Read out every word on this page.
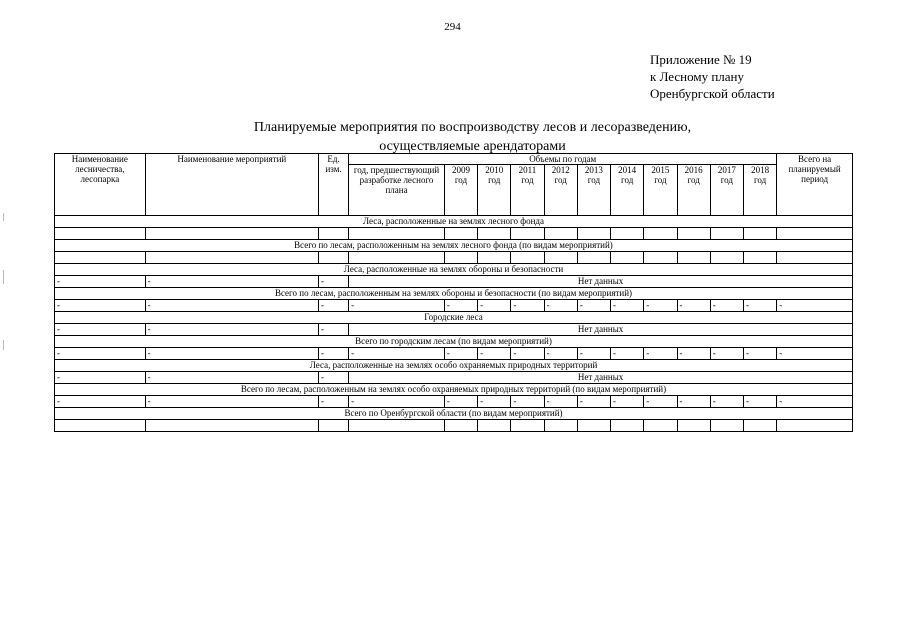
294
Приложение № 19
к Лесному плану
Оренбургской области
Планируемые мероприятия по воспроизводству лесов и лесоразведению,
осуществляемые арендаторами
Наименование лесничества, лесопарка	Наименование мероприятий	Ед. изм.	Объемы по годам											Всего на планируемый период
			год, предшествующий разработке лесного плана	2009 год	2010 год	2011 год	2012 год	2013 год	2014 год	2015 год	2016 год	2017 год	2018 год	
Леса, расположенные на землях лесного фонда														

Всего по лесам, расположенным на землях лесного фонда (по видам мероприятий)														

Леса, расположенные на землях обороны и безопасности														
-	-	-	Нет данных											
Всего по лесам, расположенным на землях обороны и безопасности (по видам мероприятий)														
-	-	-	-	-	-	-	-	-	-	-	-	-	-	-
Городские леса														
-	-	-	Нет данных											
Всего по городским лесам (по видам мероприятий)														
-	-	-	-	-	-	-	-	-	-	-	-	-	-	-
Леса, расположенные на землях особо охраняемых природных территорий														
-	-	-	Нет данных											
Всего по лесам, расположенным на землях особо охраняемых природных территорий (по видам мероприятий)														
-	-	-	-	-	-	-	-	-	-	-	-	-	-	-
Всего по Оренбургской области (по видам мероприятий)														
